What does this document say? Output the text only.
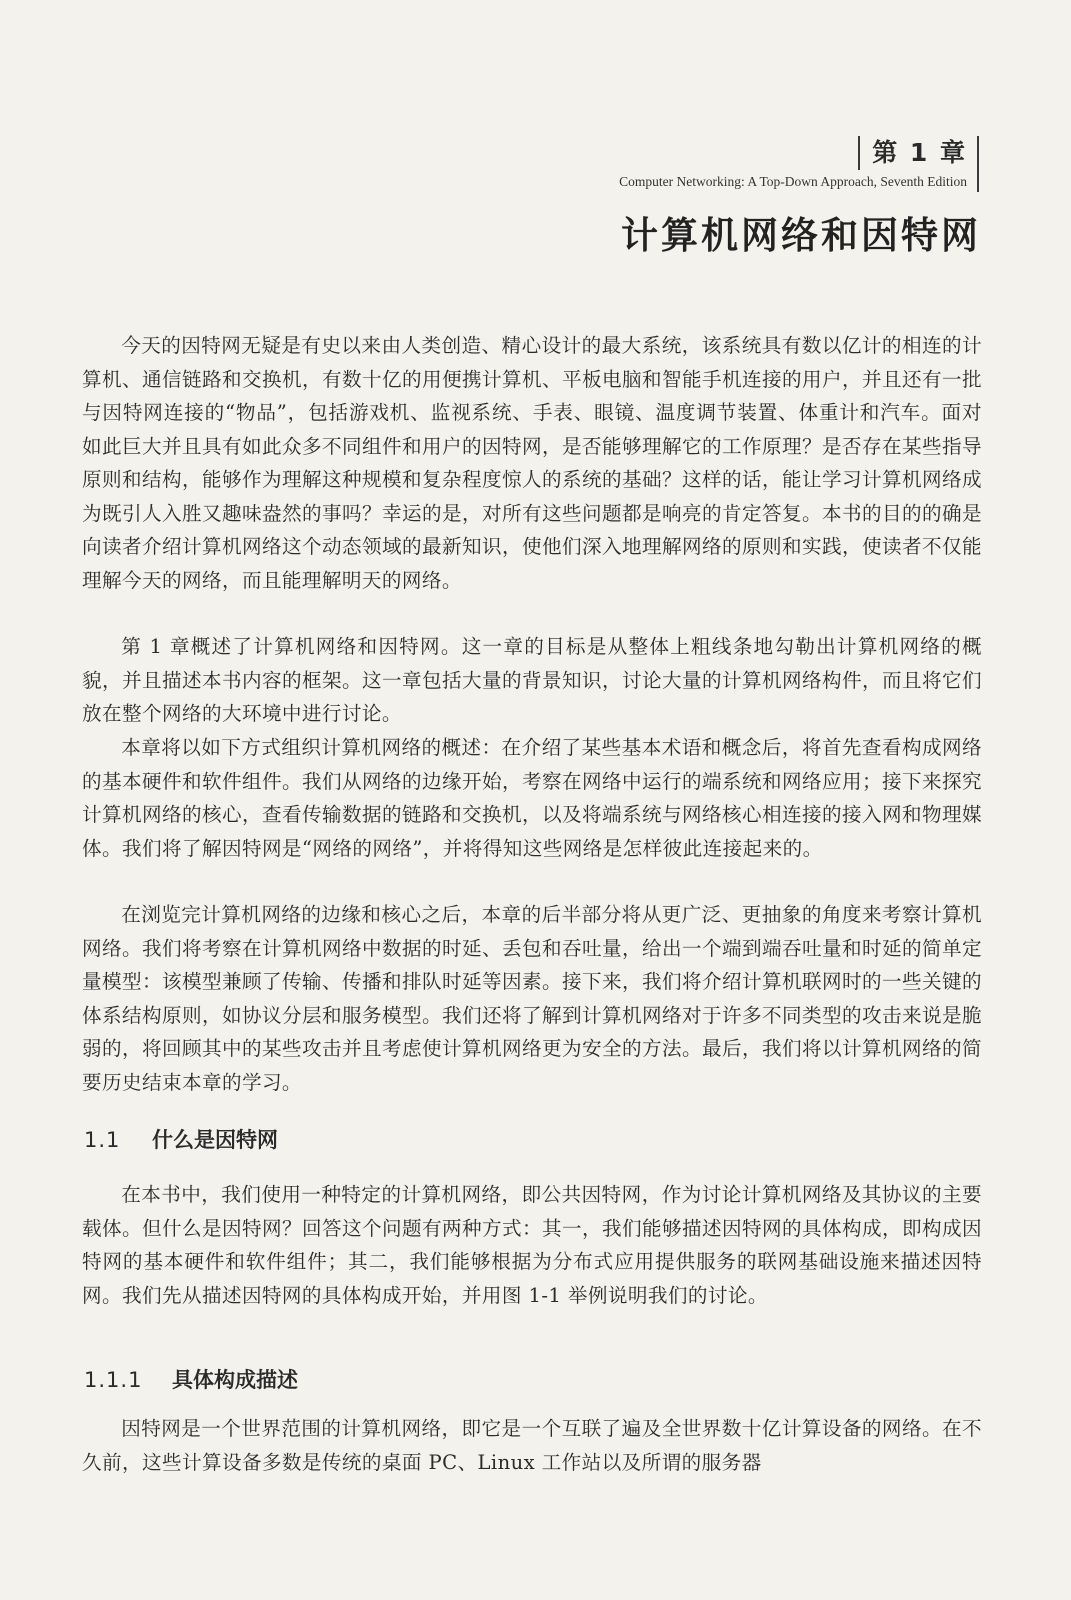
第 1 章
Computer Networking: A Top-Down Approach, Seventh Edition
计算机网络和因特网

今天的因特网无疑是有史以来由人类创造、精心设计的最大系统，该系统具有数以亿计的相连的计算机、通信链路和交换机，有数十亿的用便携计算机、平板电脑和智能手机连接的用户，并且还有一批与因特网连接的“物品”，包括游戏机、监视系统、手表、眼镜、温度调节装置、体重计和汽车。面对如此巨大并且具有如此众多不同组件和用户的因特网，是否能够理解它的工作原理？是否存在某些指导原则和结构，能够作为理解这种规模和复杂程度惊人的系统的基础？这样的话，能让学习计算机网络成为既引人入胜又趣味盎然的事吗？幸运的是，对所有这些问题都是响亮的肯定答复。本书的目的的确是向读者介绍计算机网络这个动态领域的最新知识，使他们深入地理解网络的原则和实践，使读者不仅能理解今天的网络，而且能理解明天的网络。

第 1 章概述了计算机网络和因特网。这一章的目标是从整体上粗线条地勾勒出计算机网络的概貌，并且描述本书内容的框架。这一章包括大量的背景知识，讨论大量的计算机网络构件，而且将它们放在整个网络的大环境中进行讨论。

本章将以如下方式组织计算机网络的概述：在介绍了某些基本术语和概念后，将首先查看构成网络的基本硬件和软件组件。我们从网络的边缘开始，考察在网络中运行的端系统和网络应用；接下来探究计算机网络的核心，查看传输数据的链路和交换机，以及将端系统与网络核心相连接的接入网和物理媒体。我们将了解因特网是“网络的网络”，并将得知这些网络是怎样彼此连接起来的。

在浏览完计算机网络的边缘和核心之后，本章的后半部分将从更广泛、更抽象的角度来考察计算机网络。我们将考察在计算机网络中数据的时延、丢包和吞吐量，给出一个端到端吞吐量和时延的简单定量模型：该模型兼顾了传输、传播和排队时延等因素。接下来，我们将介绍计算机联网时的一些关键的体系结构原则，如协议分层和服务模型。我们还将了解到计算机网络对于许多不同类型的攻击来说是脆弱的，将回顾其中的某些攻击并且考虑使计算机网络更为安全的方法。最后，我们将以计算机网络的简要历史结束本章的学习。

1.1 什么是因特网

在本书中，我们使用一种特定的计算机网络，即公共因特网，作为讨论计算机网络及其协议的主要载体。但什么是因特网？回答这个问题有两种方式：其一，我们能够描述因特网的具体构成，即构成因特网的基本硬件和软件组件；其二，我们能够根据为分布式应用提供服务的联网基础设施来描述因特网。我们先从描述因特网的具体构成开始，并用图 1-1 举例说明我们的讨论。

1.1.1 具体构成描述

因特网是一个世界范围的计算机网络，即它是一个互联了遍及全世界数十亿计算设备的网络。在不久前，这些计算设备多数是传统的桌面 PC、Linux 工作站以及所谓的服务器
